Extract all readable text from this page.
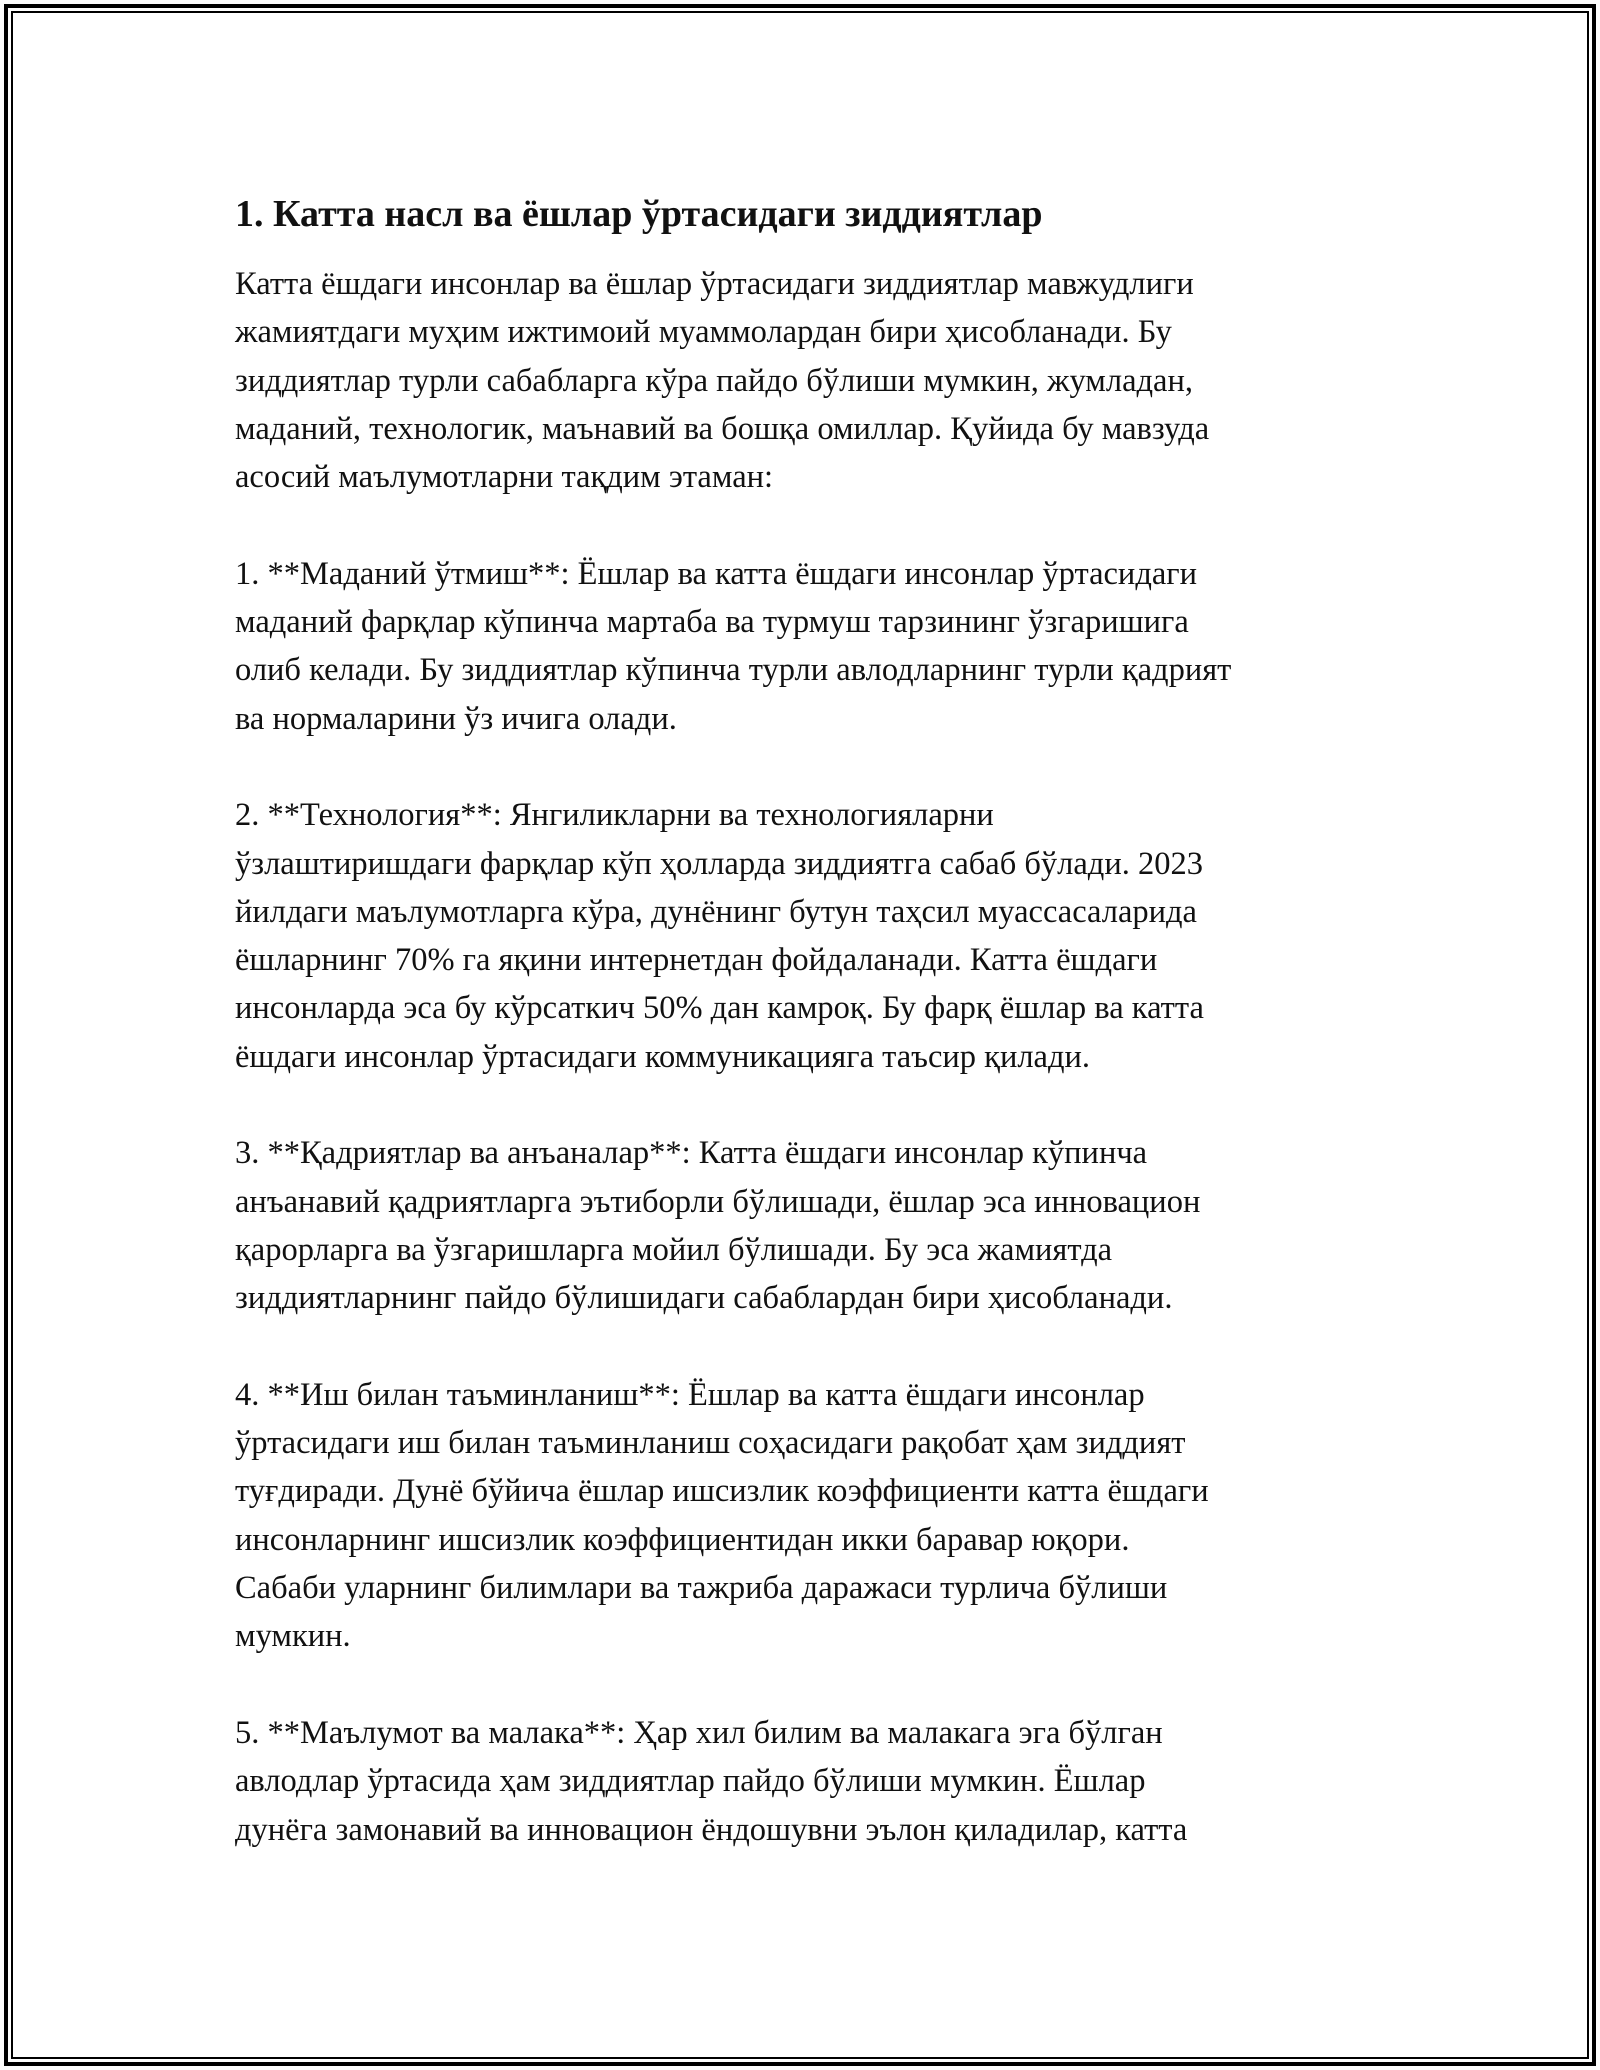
1. Катта насл ва ёшлар ўртасидаги зиддиятлар

Катта ёшдаги инсонлар ва ёшлар ўртасидаги зиддиятлар мавжудлиги
жамиятдаги муҳим ижтимоий муаммолардан бири ҳисобланади. Бу
зиддиятлар турли сабабларга кўра пайдо бўлиши мумкин, жумладан,
маданий, технологик, маънавий ва бошқа омиллар. Қуйида бу мавзуда
асосий маълумотларни тақдим этаман:

1. **Маданий ўтмиш**: Ёшлар ва катта ёшдаги инсонлар ўртасидаги
маданий фарқлар кўпинча мартаба ва турмуш тарзининг ўзгаришига
олиб келади. Бу зиддиятлар кўпинча турли авлодларнинг турли қадрият
ва нормаларини ўз ичига олади.

2. **Технология**: Янгиликларни ва технологияларни
ўзлаштиришдаги фарқлар кўп ҳолларда зиддиятга сабаб бўлади. 2023
йилдаги маълумотларга кўра, дунёнинг бутун таҳсил муассасаларида
ёшларнинг 70% га яқини интернетдан фойдаланади. Катта ёшдаги
инсонларда эса бу кўрсаткич 50% дан камроқ. Бу фарқ ёшлар ва катта
ёшдаги инсонлар ўртасидаги коммуникацияга таъсир қилади.

3. **Қадриятлар ва анъаналар**: Катта ёшдаги инсонлар кўпинча
анъанавий қадриятларга эътиборли бўлишади, ёшлар эса инновацион
қарорларга ва ўзгаришларга мойил бўлишади. Бу эса жамиятда
зиддиятларнинг пайдо бўлишидаги сабаблардан бири ҳисобланади.

4. **Иш билан таъминланиш**: Ёшлар ва катта ёшдаги инсонлар
ўртасидаги иш билан таъминланиш соҳасидаги рақобат ҳам зиддият
туғдиради. Дунё бўйича ёшлар ишсизлик коэффициенти катта ёшдаги
инсонларнинг ишсизлик коэффициентидан икки баравар юқори.
Сабаби уларнинг билимлари ва тажриба даражаси турлича бўлиши
мумкин.

5. **Маълумот ва малака**: Ҳар хил билим ва малакага эга бўлган
авлодлар ўртасида ҳам зиддиятлар пайдо бўлиши мумкин. Ёшлар
дунёга замонавий ва инновацион ёндошувни эълон қиладилар, катта
